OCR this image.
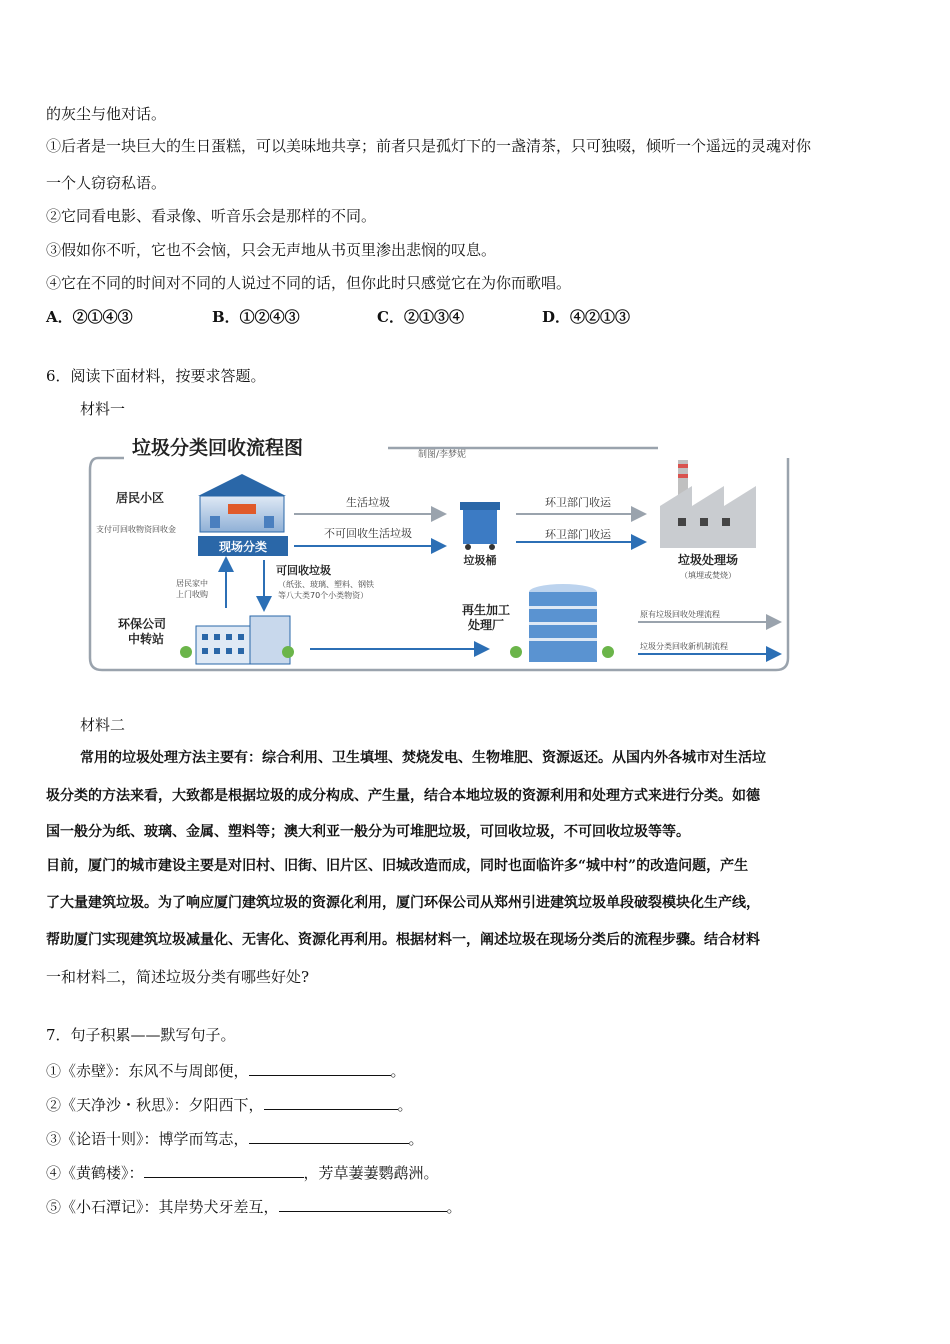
的灰尘与他对话。
①后者是一块巨大的生日蛋糕，可以美味地共享；前者只是孤灯下的一盏清茶，只可独啜，倾听一个遥远的灵魂对你
一个人窃窃私语。
②它同看电影、看录像、听音乐会是那样的不同。
③假如你不听，它也不会恼，只会无声地从书页里渗出悲悯的叹息。
④它在不同的时间对不同的人说过不同的话，但你此时只感觉它在为你而歌唱。
A．②①④③	B．①②④③	C．②①③④	D．④②①③
6．阅读下面材料，按要求答题。
材料一
垃圾分类回收流程图	制图/李梦妮
居民小区
支付可回收物资回收金
现场分类
生活垃圾
不可回收生活垃圾
垃圾桶
环卫部门收运
环卫部门收运
垃圾处理场
（填埋或焚烧）
居民家中
上门收购
可回收垃圾
（纸张、玻璃、塑料、钢铁
等八大类70个小类物资）
环保公司
中转站
再生加工
处理厂
原有垃圾回收处理流程
垃圾分类回收新机制流程
材料二
常用的垃圾处理方法主要有：综合利用、卫生填埋、焚烧发电、生物堆肥、资源返还。从国内外各城市对生活垃
圾分类的方法来看，大致都是根据垃圾的成分构成、产生量，结合本地垃圾的资源利用和处理方式来进行分类。如德
国一般分为纸、玻璃、金属、塑料等；澳大利亚一般分为可堆肥垃圾，可回收垃圾，不可回收垃圾等等。
目前，厦门的城市建设主要是对旧村、旧街、旧片区、旧城改造而成，同时也面临许多“城中村”的改造问题，产生
了大量建筑垃圾。为了响应厦门建筑垃圾的资源化利用，厦门环保公司从郑州引进建筑垃圾单段破裂模块化生产线，
帮助厦门实现建筑垃圾减量化、无害化、资源化再利用。根据材料一，阐述垃圾在现场分类后的流程步骤。结合材料
一和材料二，简述垃圾分类有哪些好处?
7．句子积累——默写句子。
①《赤壁》：东风不与周郎便，	。
②《天净沙・秋思》：夕阳西下，	。
③《论语十则》：博学而笃志，	。
④《黄鹤楼》：	，芳草萋萋鹦鹉洲。
⑤《小石潭记》：其岸势犬牙差互，	。
